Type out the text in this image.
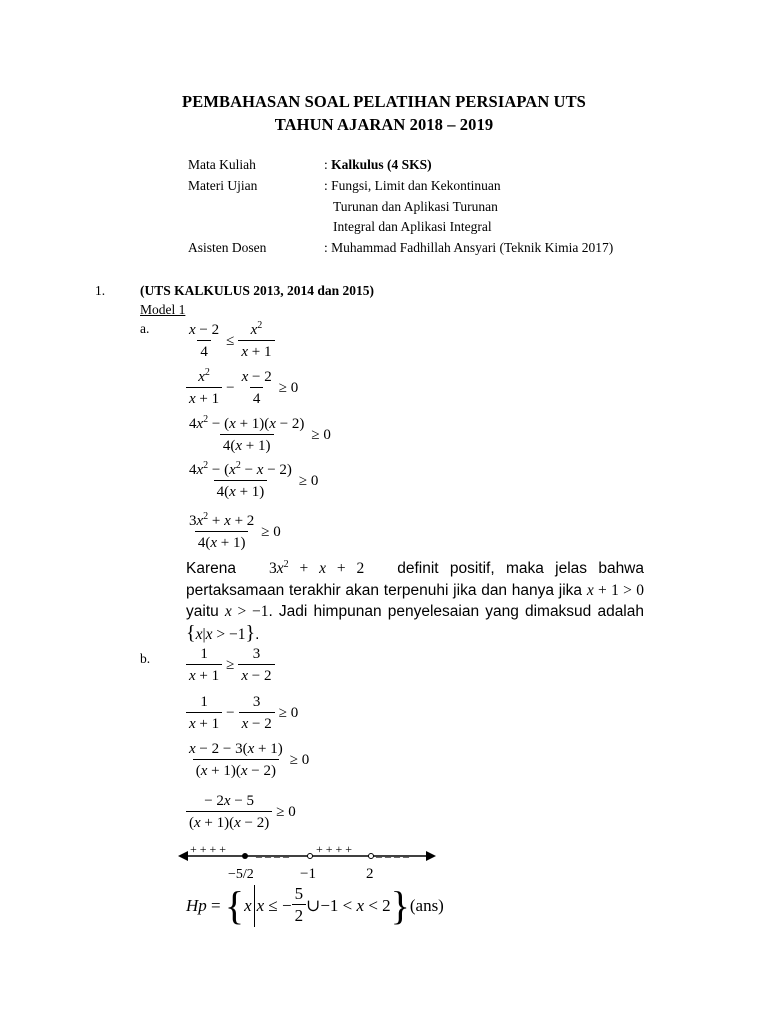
PEMBAHASAN SOAL PELATIHAN PERSIAPAN UTS
TAHUN AJARAN 2018 – 2019
Mata Kuliah	: Kalkulus (4 SKS)
Materi Ujian	: Fungsi, Limit dan Kekontinuan
Turunan dan Aplikasi Turunan
Integral dan Aplikasi Integral
Asisten Dosen	: Muhammad Fadhillah Ansyari (Teknik Kimia 2017)
1.	(UTS KALKULUS 2013, 2014 dan 2015)
Model 1
a. $\frac{x - 2}{4} \le \frac{x^2}{x + 1}$
$x^2$
x + 1
− $\frac{x - 2}{4} \ge 0$
$\frac{4x^2 - (x + 1)(x - 2)}{4(x + 1)} \ge 0$
$\frac{4x^2 - (x^2 - x - 2)}{4(x + 1)} \ge 0$
$\frac{3x^2 + x + 2}{4(x + 1)} \ge 0$
Karena   $3x^2 + x + 2$   definit positif, maka jelas bahwa pertaksamaan terakhir akan terpenuhi jika dan hanya jika x + 1 > 0 yaitu x > −1. Jadi himpunan penyelesaian yang dimaksud adalah {x|x > −1}.
b. $\frac{1}{x + 1} \ge \frac{3}{x - 2}$
1
x + 1
− $\frac{3}{x - 2} \ge 0$
$\frac{x - 2 - 3(x + 1)}{(x + 1)(x - 2)} \ge 0$
$\frac{- 2x - 5}{(x + 1)(x - 2)} \ge 0$
+ + + + – – – – + + + + – – – –
−5/2	−1	2
Hp = { x x ≤ − $\frac{5}{2}$ ∪−1 < x < 2 } (ans)
